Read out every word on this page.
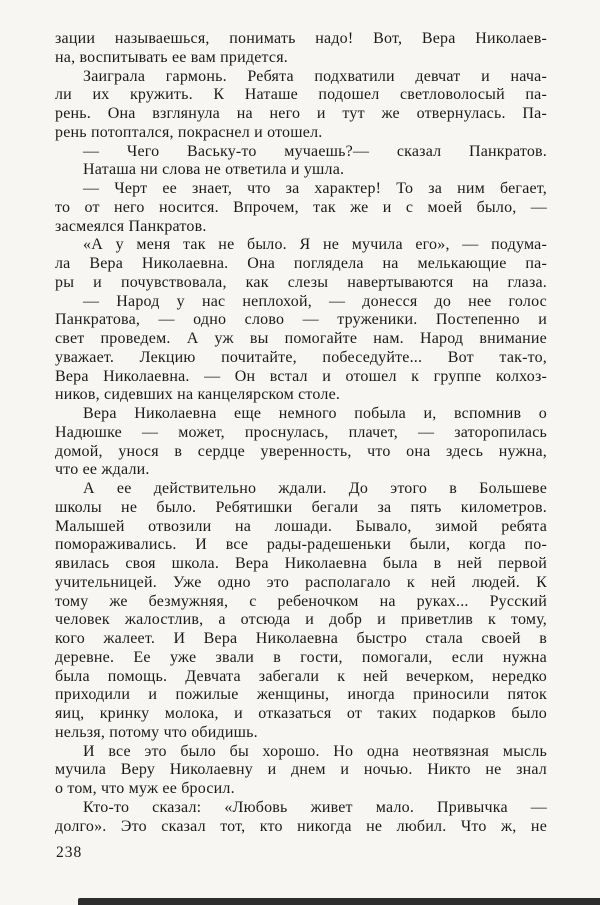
зации называешься, понимать надо! Вот, Вера Николаев-
на, воспитывать ее вам придется.
Заиграла гармонь. Ребята подхватили девчат и нача-
ли их кружить. К Наташе подошел светловолосый па-
рень. Она взглянула на него и тут же отвернулась. Па-
рень потоптался, покраснел и отошел.
— Чего Ваську-то мучаешь?— сказал Панкратов.
Наташа ни слова не ответила и ушла.
— Черт ее знает, что за характер! То за ним бегает,
то от него носится. Впрочем, так же и с моей было, —
засмеялся Панкратов.
«А у меня так не было. Я не мучила его», — подума-
ла Вера Николаевна. Она поглядела на мелькающие па-
ры и почувствовала, как слезы навертываются на глаза.
— Народ у нас неплохой, — донесся до нее голос
Панкратова, — одно слово — труженики. Постепенно и
свет проведем. А уж вы помогайте нам. Народ внимание
уважает. Лекцию почитайте, побеседуйте... Вот так-то,
Вера Николаевна. — Он встал и отошел к группе колхоз-
ников, сидевших на канцелярском столе.
Вера Николаевна еще немного побыла и, вспомнив о
Надюшке — может, проснулась, плачет, — заторопилась
домой, унося в сердце уверенность, что она здесь нужна,
что ее ждали.
А ее действительно ждали. До этого в Большеве
школы не было. Ребятишки бегали за пять километров.
Малышей отвозили на лошади. Бывало, зимой ребята
помораживались. И все рады-радешеньки были, когда по-
явилась своя школа. Вера Николаевна была в ней первой
учительницей. Уже одно это располагало к ней людей. К
тому же безмужняя, с ребеночком на руках... Русский
человек жалостлив, а отсюда и добр и приветлив к тому,
кого жалеет. И Вера Николаевна быстро стала своей в
деревне. Ее уже звали в гости, помогали, если нужна
была помощь. Девчата забегали к ней вечерком, нередко
приходили и пожилые женщины, иногда приносили пяток
яиц, кринку молока, и отказаться от таких подарков было
нельзя, потому что обидишь.
И все это было бы хорошо. Но одна неотвязная мысль
мучила Веру Николаевну и днем и ночью. Никто не знал
о том, что муж ее бросил.
Кто-то сказал: «Любовь живет мало. Привычка —
долго». Это сказал тот, кто никогда не любил. Что ж, не
238
